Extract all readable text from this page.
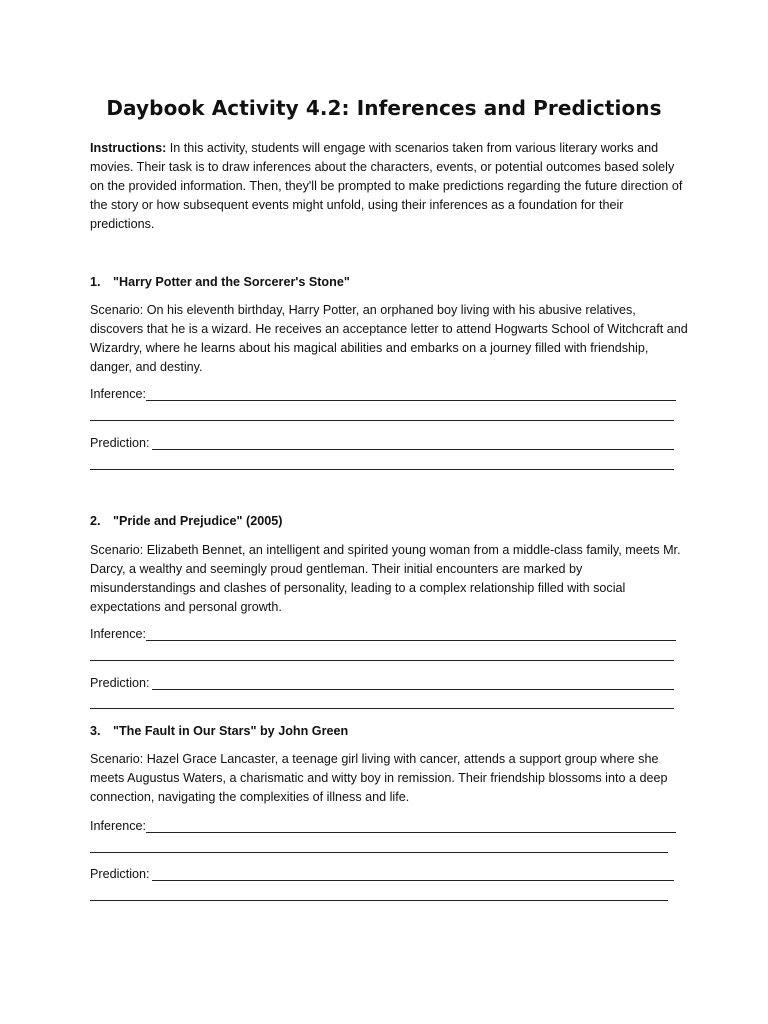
Daybook Activity 4.2: Inferences and Predictions
Instructions: In this activity, students will engage with scenarios taken from various literary works and movies. Their task is to draw inferences about the characters, events, or potential outcomes based solely on the provided information. Then, they'll be prompted to make predictions regarding the future direction of the story or how subsequent events might unfold, using their inferences as a foundation for their predictions.
1. "Harry Potter and the Sorcerer's Stone"
Scenario: On his eleventh birthday, Harry Potter, an orphaned boy living with his abusive relatives, discovers that he is a wizard. He receives an acceptance letter to attend Hogwarts School of Witchcraft and Wizardry, where he learns about his magical abilities and embarks on a journey filled with friendship, danger, and destiny.
Inference:
Prediction:
2. "Pride and Prejudice" (2005)
Scenario: Elizabeth Bennet, an intelligent and spirited young woman from a middle-class family, meets Mr. Darcy, a wealthy and seemingly proud gentleman. Their initial encounters are marked by misunderstandings and clashes of personality, leading to a complex relationship filled with social expectations and personal growth.
Inference:
Prediction:
3. "The Fault in Our Stars" by John Green
Scenario: Hazel Grace Lancaster, a teenage girl living with cancer, attends a support group where she meets Augustus Waters, a charismatic and witty boy in remission. Their friendship blossoms into a deep connection, navigating the complexities of illness and life.
Inference:
Prediction:
